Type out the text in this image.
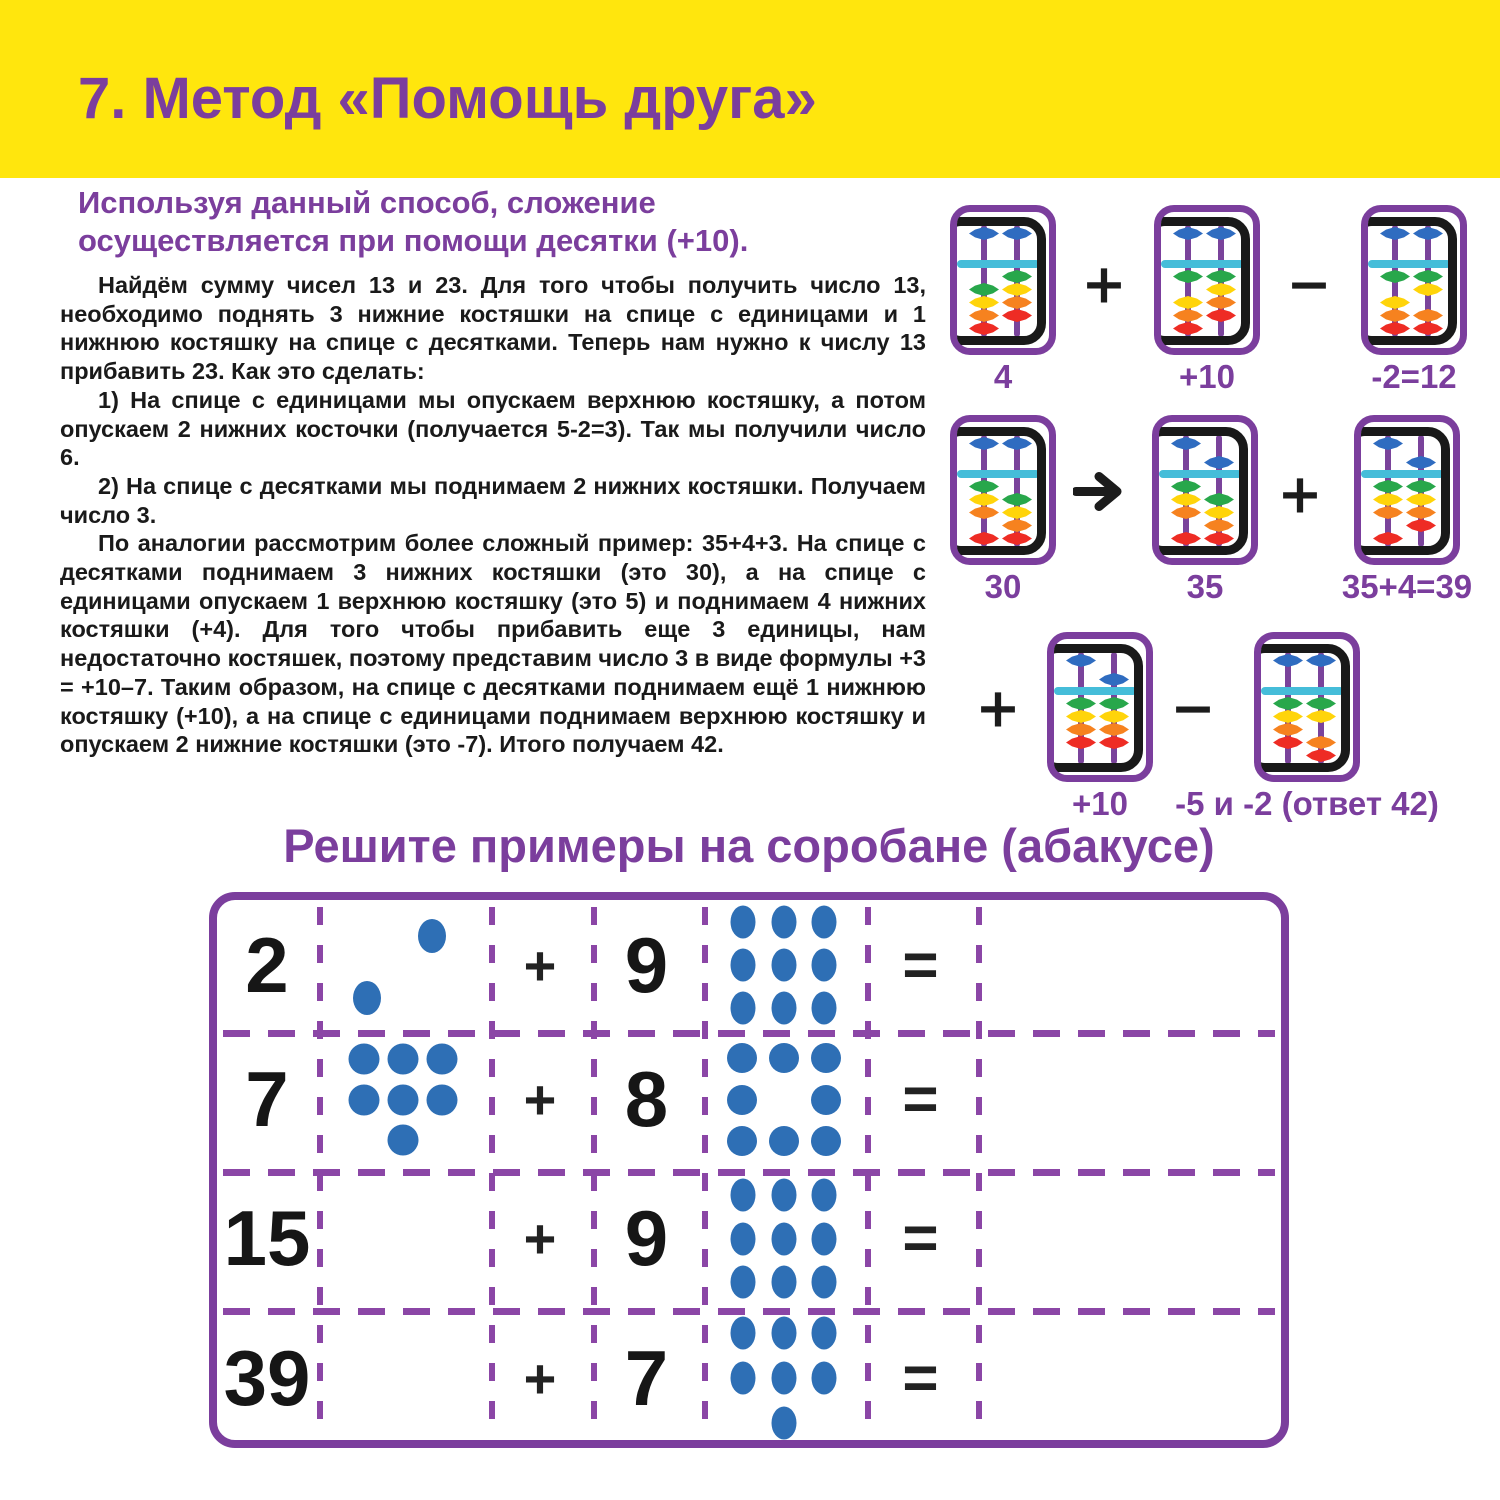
7. Метод «Помощь друга»
Используя данный способ, сложение
осуществляется при помощи десятки (+10).

Найдём сумму чисел 13 и 23. Для того чтобы получить число 13, необходимо поднять 3 нижние костяшки на спице с единицами и 1 нижнюю костяшку на спице с десятками. Теперь нам нужно к числу 13 прибавить 23. Как это сделать:

1) На спице с единицами мы опускаем верхнюю костяшку, а потом опускаем 2 нижних косточки (получается 5-2=3). Так мы получили число 6.

2) На спице с десятками мы поднимаем 2 нижних костяшки. Получаем число 3.

По аналогии рассмотрим более сложный пример: 35+4+3. На спице с десятками поднимаем 3 нижних костяшки (это 30), а на спице с единицами опускаем 1 верхнюю костяшку (это 5) и поднимаем 4 нижних костяшки (+4). Для того чтобы прибавить еще 3 единицы, нам недостаточно костяшек, поэтому представим число 3 в виде формулы +3 = +10–7. Таким образом, на спице с десятками поднимаем ещё 1 нижнюю костяшку (+10), а на спице с единицами поднимаем верхнюю костяшку и опускаем 2 нижние костяшки (это -7). Итого получаем 42.

4
+
+10
−
-2=12
30	35
+
35+4=39
+
+10
−
-5 и -2 (ответ 42)
Решите примеры на соробане (абакусе)
2	+ 9	=
7	+ 8	=
15	+ 9	=
39	+ 7	=
